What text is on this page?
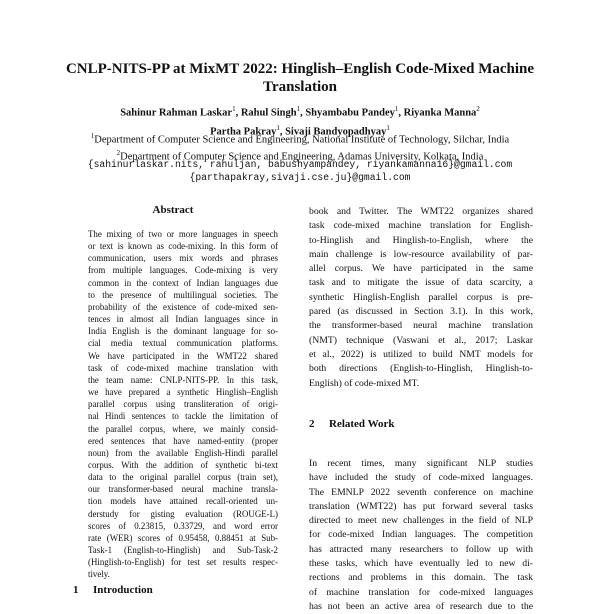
CNLP-NITS-PP at MixMT 2022: Hinglish–English Code-Mixed Machine
Translation
Sahinur Rahman Laskar$^1$, Rahul Singh$^1$, Shyambabu Pandey$^1$, Riyanka Manna$^2$
Partha Pakray$^1$, Sivaji Bandyopadhyay$^1$
$^1$Department of Computer Science and Engineering, National Institute of Technology, Silchar, India
$^2$Department of Computer Science and Engineering, Adamas University, Kolkata, India
{sahinurlaskar.nits, rahuljan, babushyampandey, riyankamanna16}@gmail.com
{parthapakray,sivaji.cse.ju}@gmail.com
Abstract
The mixing of two or more languages in speech
or text is known as code-mixing. In this form of
communication, users mix words and phrases
from multiple languages. Code-mixing is very
common in the context of Indian languages due
to the presence of multilingual societies. The
probability of the existence of code-mixed sen-
tences in almost all Indian languages since in
India English is the dominant language for so-
cial media textual communication platforms.
We have participated in the WMT22 shared
task of code-mixed machine translation with
the team name: CNLP-NITS-PP. In this task,
we have prepared a synthetic Hinglish–English
parallel corpus using transliteration of origi-
nal Hindi sentences to tackle the limitation of
the parallel corpus, where, we mainly consid-
ered sentences that have named-entity (proper
noun) from the available English-Hindi parallel
corpus. With the addition of synthetic bi-text
data to the original parallel corpus (train set),
our transformer-based neural machine transla-
tion models have attained recall-oriented un-
derstudy for gisting evaluation (ROUGE-L)
scores of 0.23815, 0.33729, and word error
rate (WER) scores of 0.95458, 0.88451 at Sub-
Task-1 (English-to-Hinglish) and Sub-Task-2
(Hinglish-to-English) for test set results respec-
tively.
1 Introduction
book and Twitter. The WMT22 organizes shared
task code-mixed machine translation for English-
to-Hinglish and Hinglish-to-English, where the
main challenge is low-resource availability of par-
allel corpus. We have participated in the same
task and to mitigate the issue of data scarcity, a
synthetic Hinglish-English parallel corpus is pre-
pared (as discussed in Section 3.1). In this work,
the transformer-based neural machine translation
(NMT) technique (Vaswani et al., 2017; Laskar
et al., 2022) is utilized to build NMT models for
both directions (English-to-Hinglish, Hinglish-to-
English) of code-mixed MT.
2 Related Work
In recent times, many significant NLP studies
have included the study of code-mixed languages.
The EMNLP 2022 seventh conference on machine
translation (WMT22) has put forward several tasks
directed to meet new challenges in the field of NLP
for code-mixed Indian languages. The competition
has attracted many researchers to follow up with
these tasks, which have eventually led to new di-
rections and problems in this domain. The task
of machine translation for code-mixed languages
has not been an active area of research due to the
